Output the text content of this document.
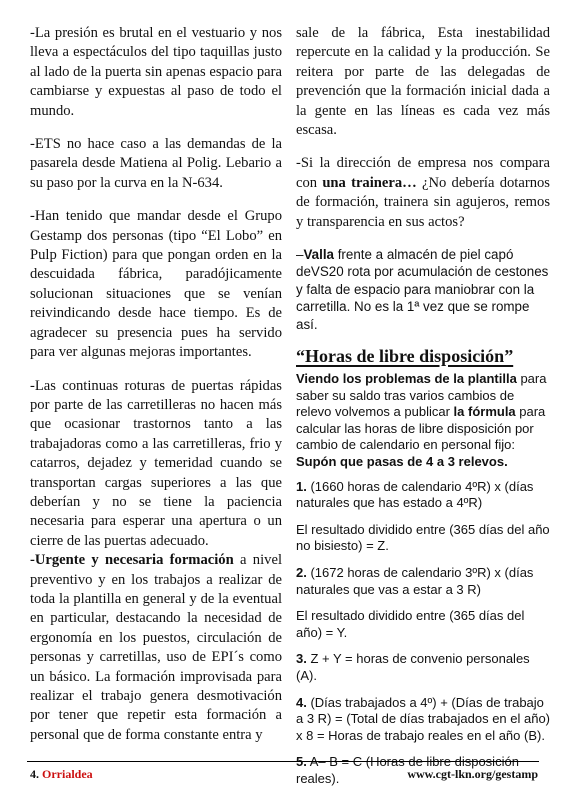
-La presión es brutal en el vestuario y nos lleva a espectáculos del tipo taquillas justo al lado de la puerta sin apenas espacio para cambiarse y expuestas al paso de todo el mundo.

-ETS no hace caso a las demandas de la pasarela desde Matiena al Polig. Lebario a su paso por la curva en la N-634.

-Han tenido que mandar desde el Grupo Gestamp dos personas (tipo “El Lobo” en Pulp Fiction) para que pongan orden en la descuidada fábrica, paradójicamente solucionan situaciones que se venían reivindicando desde hace tiempo. Es de agradecer su presencia pues ha servido para ver algunas mejoras importantes.

-Las continuas roturas de puertas rápidas por parte de las carretilleras no hacen más que ocasionar trastornos tanto a las trabajadoras como a las carretilleras, frio y catarros, dejadez y temeridad cuando se transportan cargas superiores a las que deberían y no se tiene la paciencia necesaria para esperar una apertura o un cierre de las puertas adecuado.

-Urgente y necesaria formación a nivel preventivo y en los trabajos a realizar de toda la plantilla en general y de la eventual en particular, destacando la necesidad de ergonomía en los puestos, circulación de personas y carretillas, uso de EPI´s como un básico. La formación improvisada para realizar el trabajo genera desmotivación por tener que repetir esta formación a personal que de forma constante entra y

sale de la fábrica, Esta inestabilidad repercute en la calidad y la producción. Se reitera por parte de las delegadas de prevención que la formación inicial dada a la gente en las líneas es cada vez más escasa.

-Si la dirección de empresa nos compara con una trainera… ¿No debería dotarnos de formación, trainera sin agujeros, remos y transparencia en sus actos?

–Valla frente a almacén de piel capó deVS20 rota por acumulación de cestones y falta de espacio para maniobrar con la carretilla. No es la 1ª vez que se rompe así.

“Horas de libre disposición”

Viendo los problemas de la plantilla para saber su saldo tras varios cambios de relevo volvemos a publicar la fórmula para calcular las horas de libre disposición por cambio de calendario en personal fijo: Supón que pasas de 4 a 3 relevos.

1. (1660 horas de calendario 4ºR) x (días naturales que has estado a 4ºR)

El resultado dividido entre (365 días del año no bisiesto) = Z.

2. (1672 horas de calendario 3ºR) x (días naturales que vas a estar a 3 R)

El resultado dividido entre (365 días del año) = Y.

3. Z + Y = horas de convenio personales (A).

4. (Días trabajados a 4º) + (Días de trabajo a 3 R) = (Total de días trabajados en el año) x 8 = Horas de trabajo reales en el año (B).

5. A– B = C (Horas de libre disposición reales).

4. Orrialdea	www.cgt-lkn.org/gestamp
